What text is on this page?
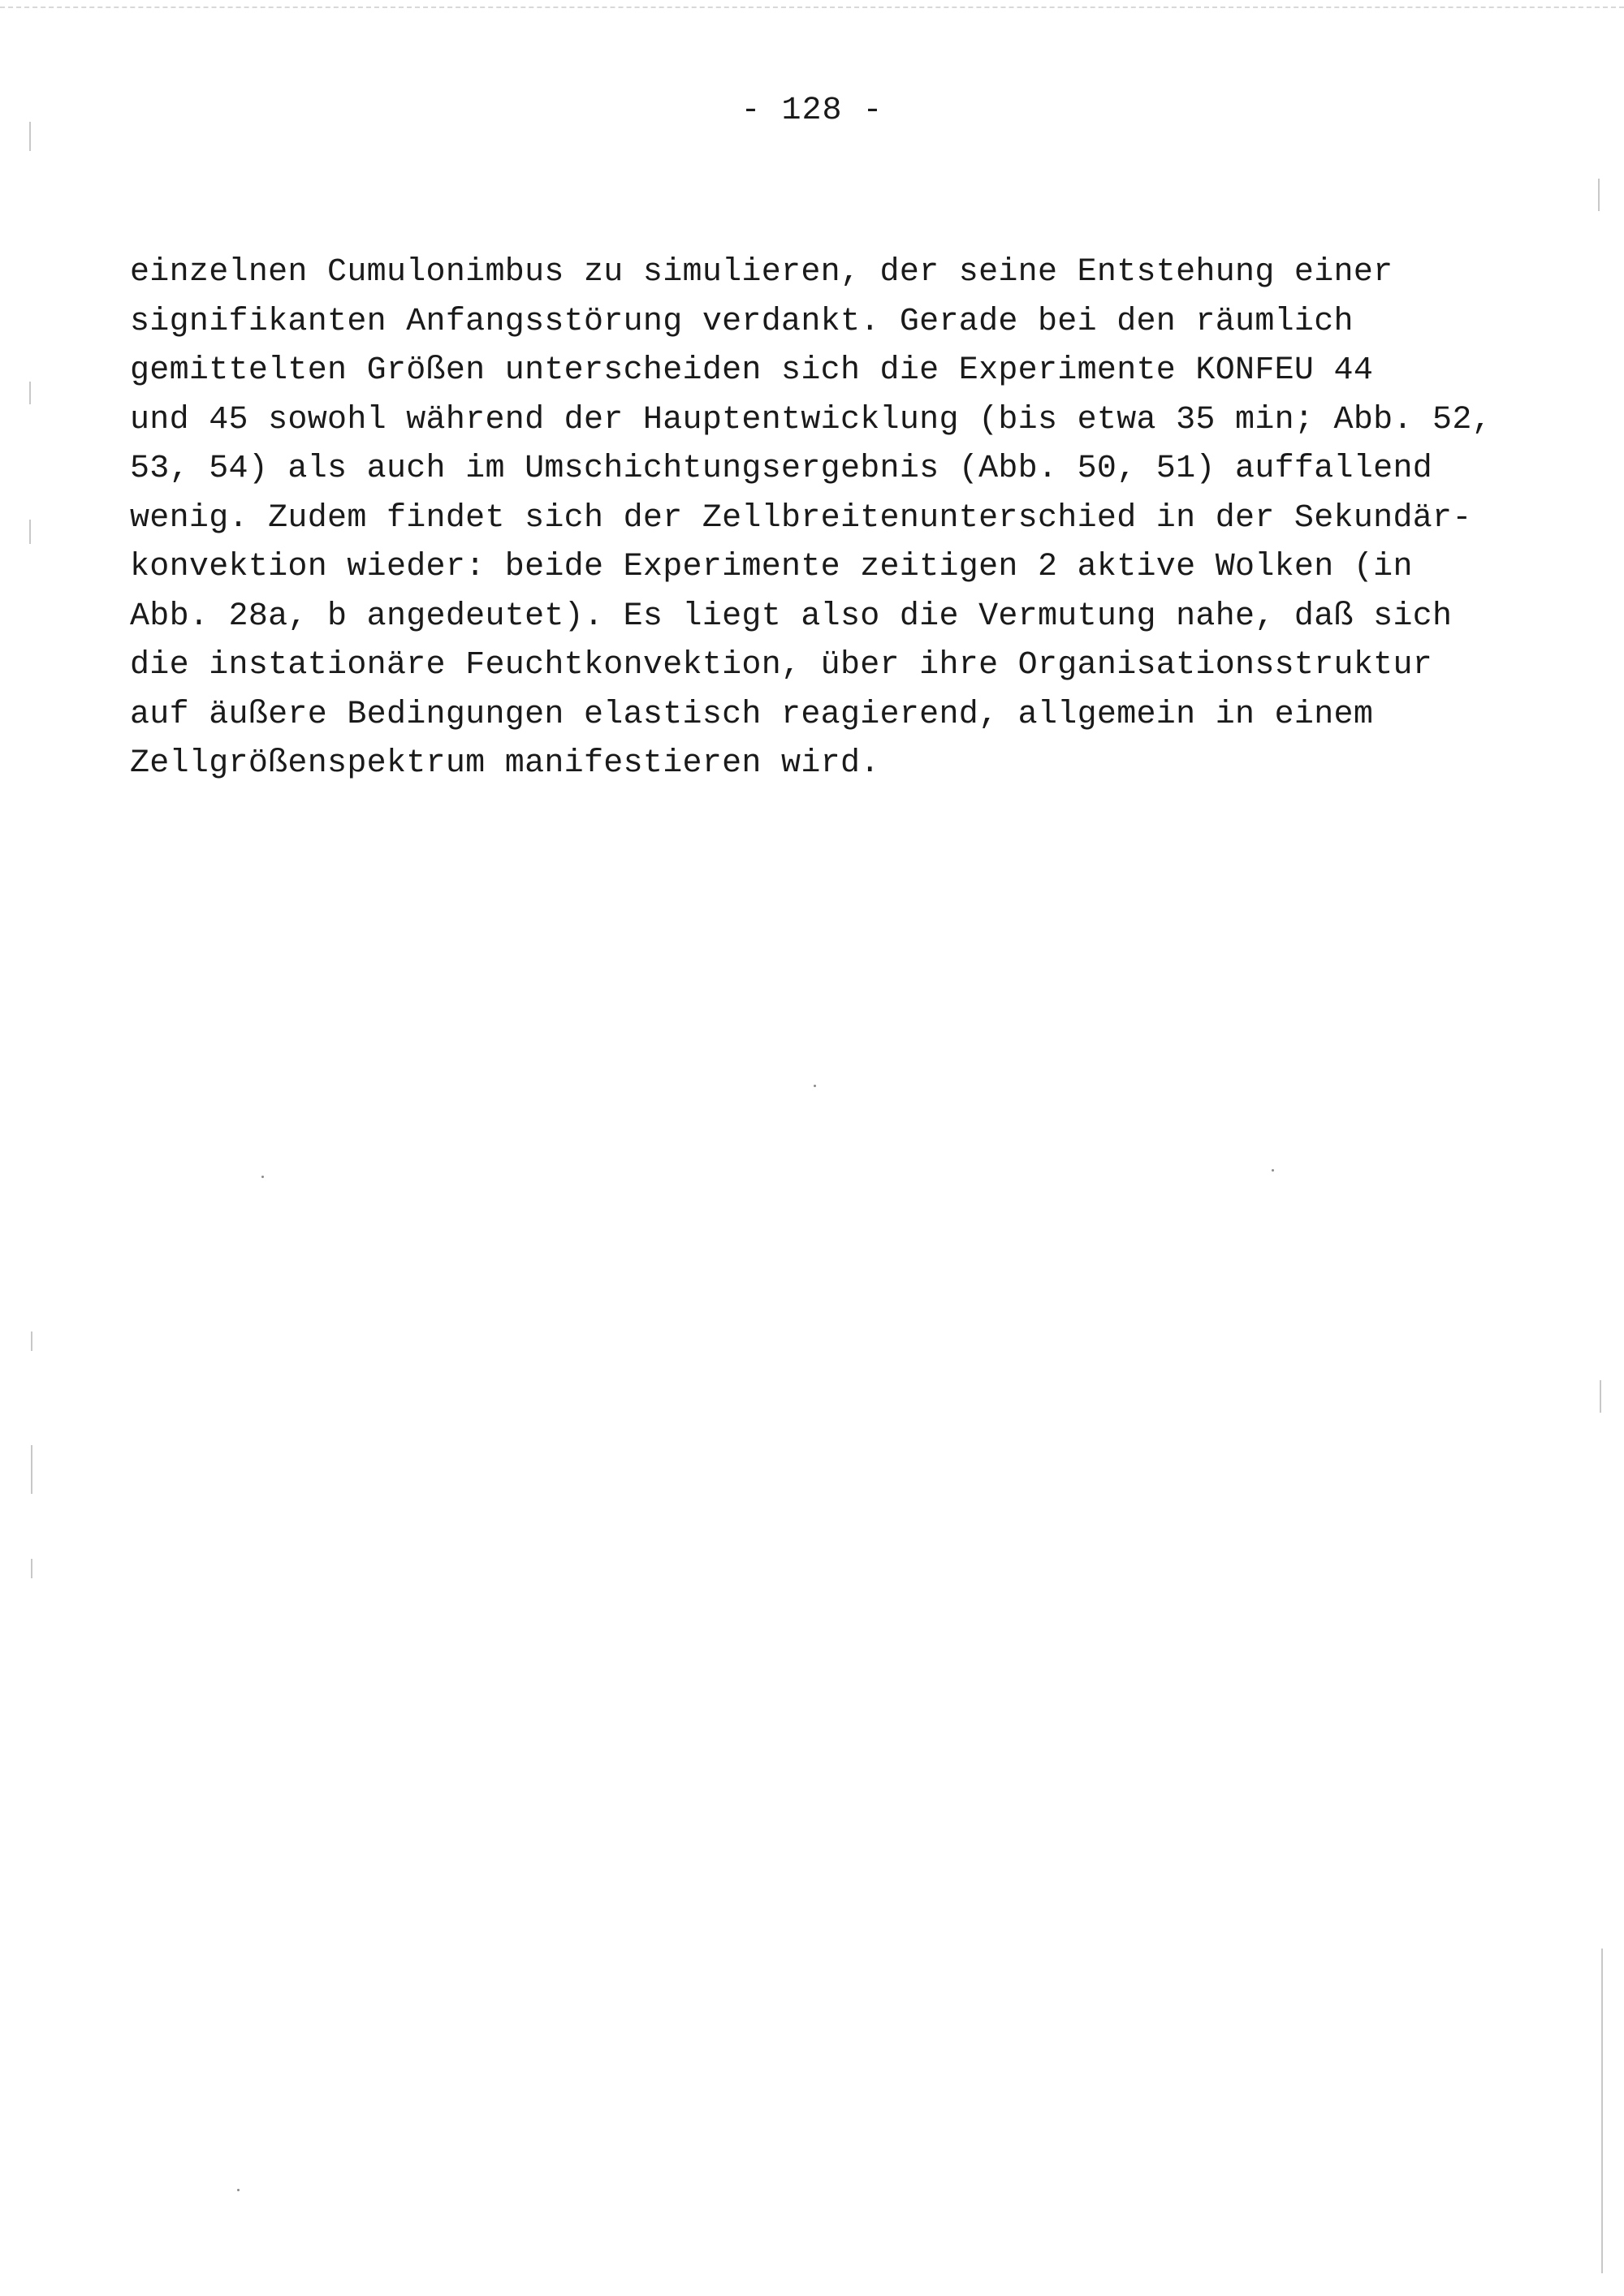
- 128 -
einzelnen Cumulonimbus zu simulieren, der seine Entstehung einer
signifikanten Anfangsstörung verdankt. Gerade bei den räumlich
gemittelten Größen unterscheiden sich die Experimente KONFEU 44
und 45 sowohl während der Hauptentwicklung (bis etwa 35 min; Abb. 52,
53, 54) als auch im Umschichtungsergebnis (Abb. 50, 51) auffallend
wenig. Zudem findet sich der Zellbreitenunterschied in der Sekundär-
konvektion wieder: beide Experimente zeitigen 2 aktive Wolken (in
Abb. 28a, b angedeutet). Es liegt also die Vermutung nahe, daß sich
die instationäre Feuchtkonvektion, über ihre Organisationsstruktur
auf äußere Bedingungen elastisch reagierend, allgemein in einem
Zellgrößenspektrum manifestieren wird.
